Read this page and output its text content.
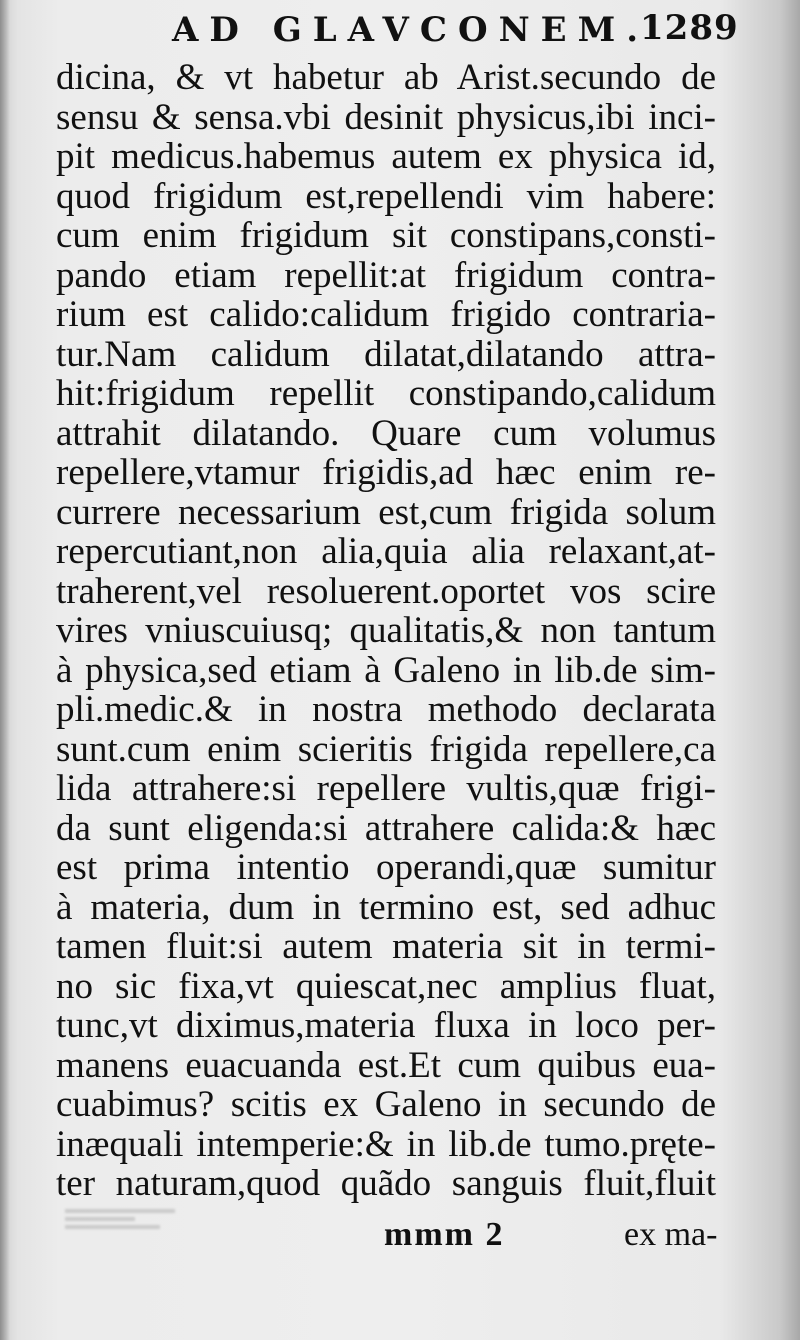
AD GLAVCONEM.
1289
dicina, & vt habetur ab Arist.secundo de
sensu & sensa.vbi desinit physicus,ibi inci-
pit medicus.habemus autem ex physica id,
quod frigidum est,repellendi vim habere:
cum enim frigidum sit constipans,consti-
pando etiam repellit:at frigidum contra-
rium est calido:calidum frigido contraria-
tur.Nam calidum dilatat,dilatando attra-
hit:frigidum repellit constipando,calidum
attrahit dilatando. Quare cum volumus
repellere,vtamur frigidis,ad hæc enim re-
currere necessarium est,cum frigida solum
repercutiant,non alia,quia alia relaxant,at-
traherent,vel resoluerent.oportet vos scire
vires vniuscuiusq; qualitatis,& non tantum
à physica,sed etiam à Galeno in lib.de sim-
pli.medic.& in nostra methodo declarata
sunt.cum enim scieritis frigida repellere,ca
lida attrahere:si repellere vultis,quæ frigi-
da sunt eligenda:si attrahere calida:& hæc
est prima intentio operandi,quæ sumitur
à materia, dum in termino est, sed adhuc
tamen fluit:si autem materia sit in termi-
no sic fixa,vt quiescat,nec amplius fluat,
tunc,vt diximus,materia fluxa in loco per-
manens euacuanda est.Et cum quibus eua-
cuabimus? scitis ex Galeno in secundo de
inæquali intemperie:& in lib.de tumo.pręte-
ter naturam,quod quãdo sanguis fluit,fluit
mmm 2	ex ma-
